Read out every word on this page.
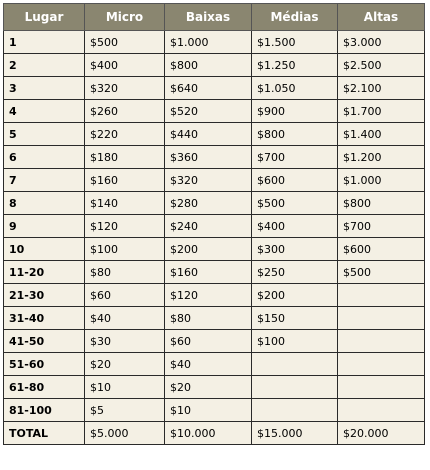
Lugar	Micro	Baixas	Médias	Altas
1	$500	$1.000	$1.500	$3.000
2	$400	$800	$1.250	$2.500
3	$320	$640	$1.050	$2.100
4	$260	$520	$900	$1.700
5	$220	$440	$800	$1.400
6	$180	$360	$700	$1.200
7	$160	$320	$600	$1.000
8	$140	$280	$500	$800
9	$120	$240	$400	$700
10	$100	$200	$300	$600
11-20	$80	$160	$250	$500
21-30	$60	$120	$200	
31-40	$40	$80	$150	
41-50	$30	$60	$100	
51-60	$20	$40		
61-80	$10	$20		
81-100	$5	$10		
TOTAL	$5.000	$10.000	$15.000	$20.000
